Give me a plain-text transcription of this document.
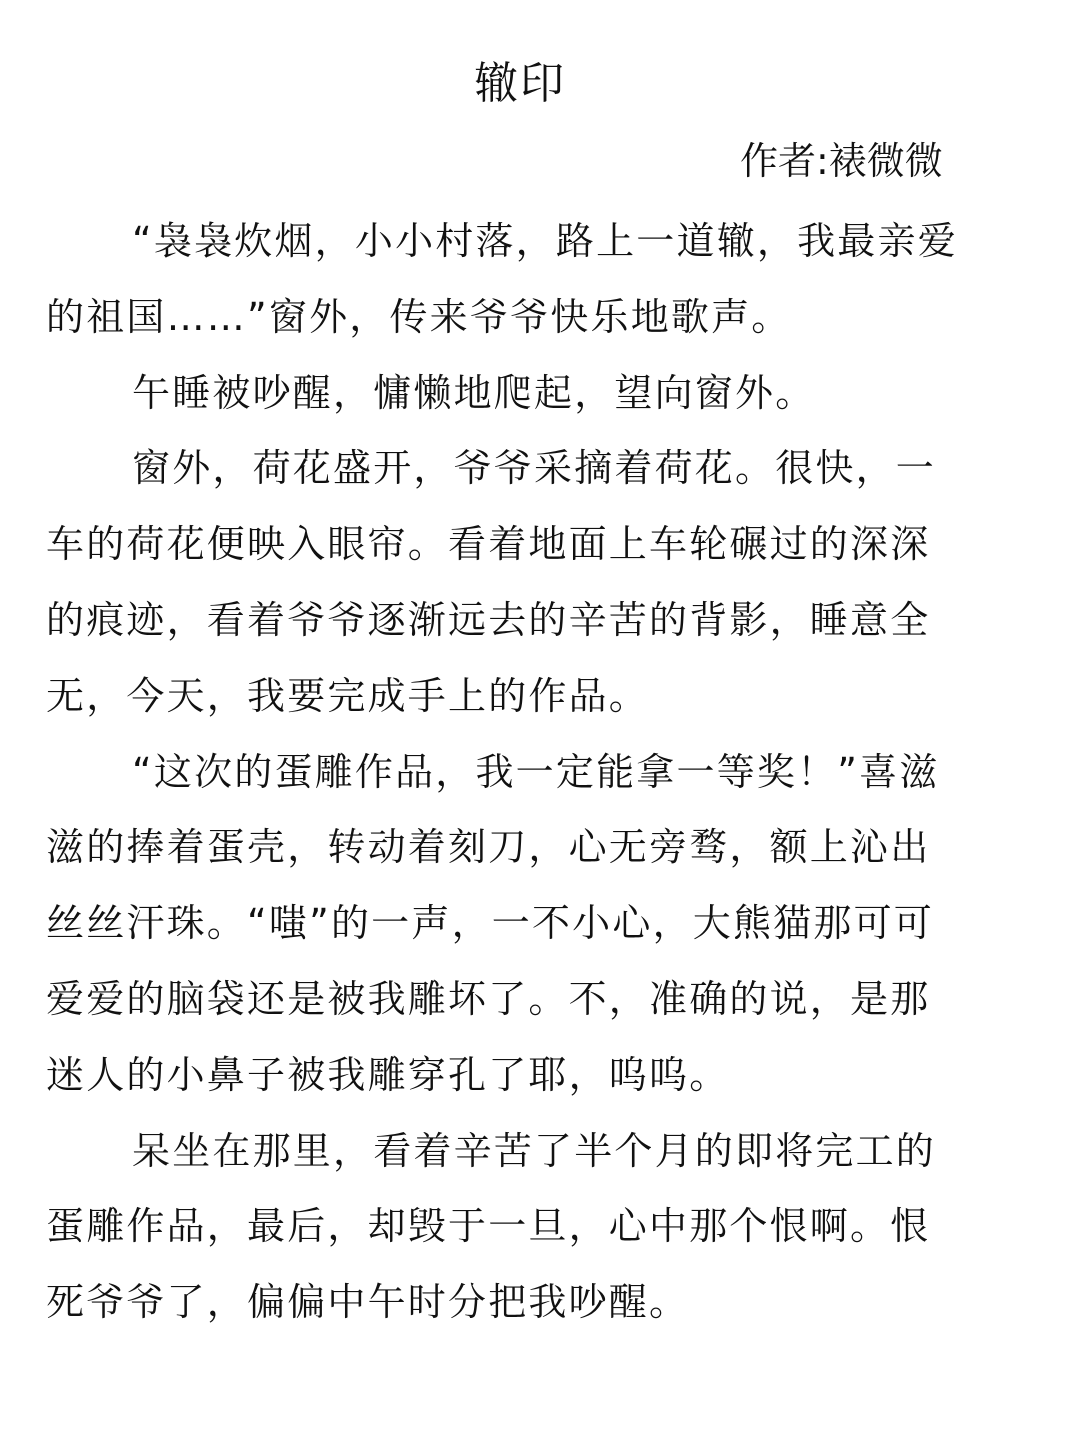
辙印
作者:裱微微
“袅袅炊烟，小小村落，路上一道辙，我最亲爱
的祖国……”窗外，传来爷爷快乐地歌声。
午睡被吵醒，慵懒地爬起，望向窗外。
窗外，荷花盛开，爷爷采摘着荷花。很快，一
车的荷花便映入眼帘。看着地面上车轮碾过的深深
的痕迹，看着爷爷逐渐远去的辛苦的背影，睡意全
无，今天，我要完成手上的作品。
“这次的蛋雕作品，我一定能拿一等奖！”喜滋
滋的捧着蛋壳，转动着刻刀，心无旁骛，额上沁出
丝丝汗珠。“嗤”的一声，一不小心，大熊猫那可可
爱爱的脑袋还是被我雕坏了。不，准确的说，是那
迷人的小鼻子被我雕穿孔了耶，呜呜。
呆坐在那里，看着辛苦了半个月的即将完工的
蛋雕作品，最后，却毁于一旦，心中那个恨啊。恨
死爷爷了，偏偏中午时分把我吵醒。
